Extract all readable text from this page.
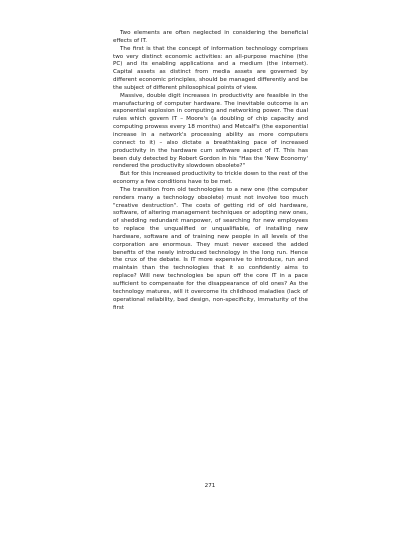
Two elements are often neglected in considering the beneficial effects of IT.

The first is that the concept of information technology comprises two very distinct economic activities: an all-purpose machine (the PC) and its enabling applications and a medium (the internet). Capital assets as distinct from media assets are governed by different economic principles, should be managed differently and be the subject of different philosophical points of view.

Massive, double digit increases in productivity are feasible in the manufacturing of computer hardware. The inevitable outcome is an exponential explosion in computing and networking power. The dual rules which govern IT – Moore's (a doubling of chip capacity and computing prowess every 18 months) and Metcalf's (the exponential increase in a network's processing ability as more computers connect to it) – also dictate a breathtaking pace of increased productivity in the hardware cum software aspect of IT. This has been duly detected by Robert Gordon in his "Has the 'New Economy' rendered the productivity slowdown obsolete?"

But for this increased productivity to trickle down to the rest of the economy a few conditions have to be met.

The transition from old technologies to a new one (the computer renders many a technology obsolete) must not involve too much "creative destruction". The costs of getting rid of old hardware, software, of altering management techniques or adopting new ones, of shedding redundant manpower, of searching for new employees to replace the unqualified or unqualifiable, of installing new hardware, software and of training new people in all levels of the corporation are enormous. They must never exceed the added benefits of the newly introduced technology in the long run. Hence the crux of the debate. Is IT more expensive to introduce, run and maintain than the technologies that it so confidently aims to replace? Will new technologies be spun off the core IT in a pace sufficient to compensate for the disappearance of old ones? As the technology matures, will it overcome its childhood maladies (lack of operational reliability, bad design, non-specificity, immaturity of the first

271
